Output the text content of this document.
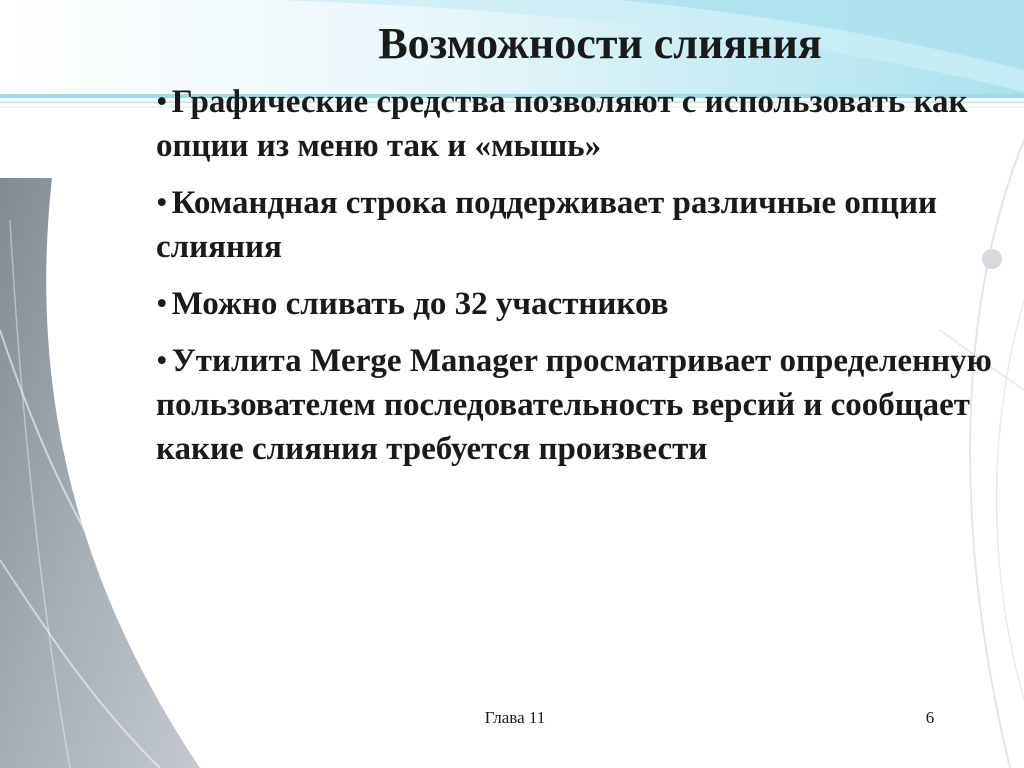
Возможности слияния

• Графические средства позволяют с использовать как опции из меню так и «мышь»

• Командная строка поддерживает различные опции слияния

• Можно сливать до 32 участников

• Утилита Merge Manager просматривает определенную пользователем последовательность версий и сообщает какие слияния требуется произвести

Глава 11	6
